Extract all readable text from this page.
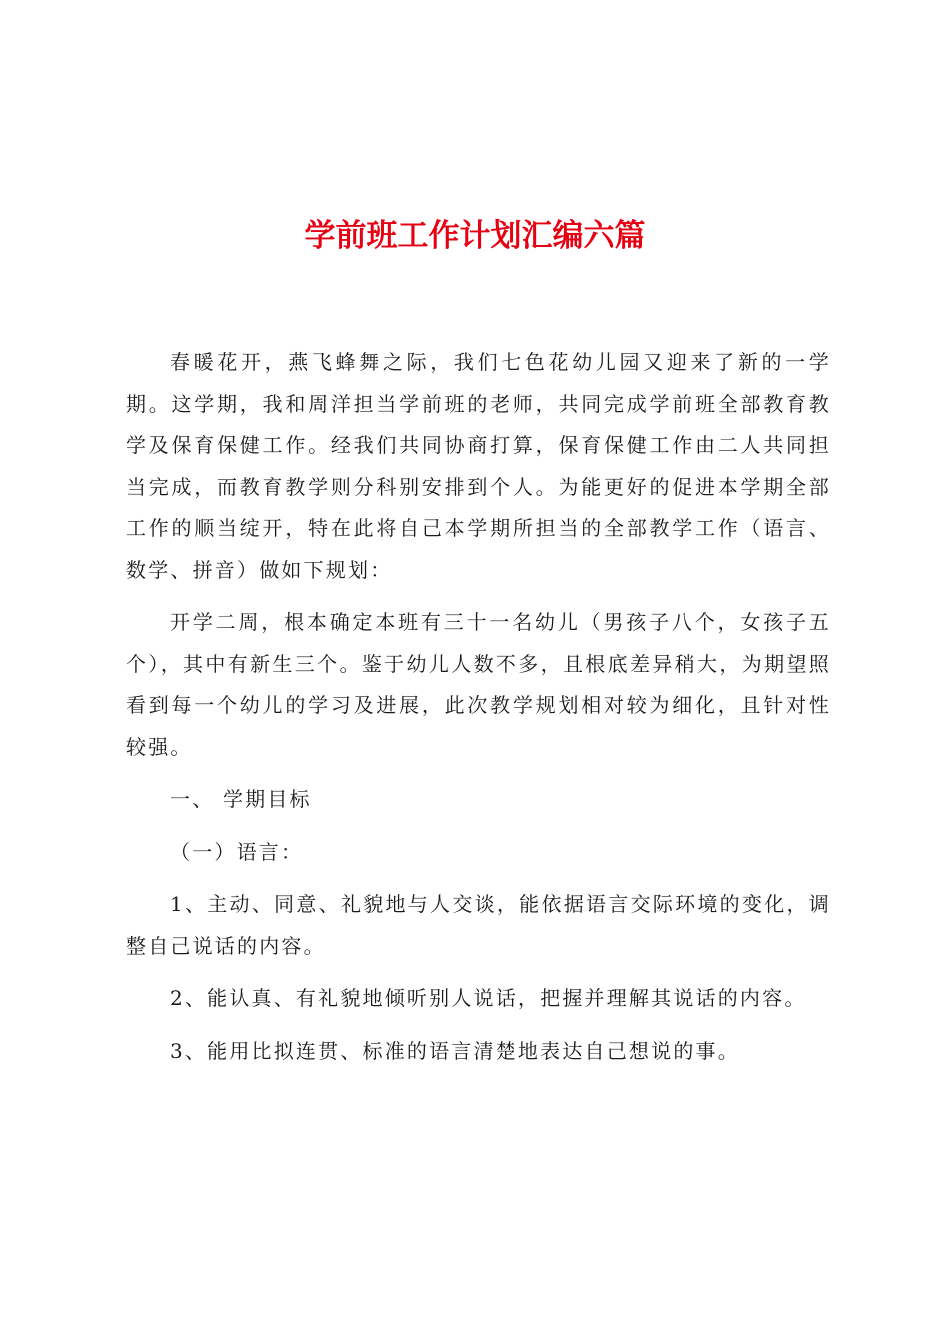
学前班工作计划汇编六篇

春暖花开，燕飞蜂舞之际，我们七色花幼儿园又迎来了新的一学期。这学期，我和周洋担当学前班的老师，共同完成学前班全部教育教学及保育保健工作。经我们共同协商打算，保育保健工作由二人共同担当完成，而教育教学则分科别安排到个人。为能更好的促进本学期全部工作的顺当绽开，特在此将自己本学期所担当的全部教学工作（语言、数学、拼音）做如下规划：

开学二周，根本确定本班有三十一名幼儿（男孩子八个，女孩子五个），其中有新生三个。鉴于幼儿人数不多，且根底差异稍大，为期望照看到每一个幼儿的学习及进展，此次教学规划相对较为细化，且针对性较强。

一、 学期目标

（一）语言：

1、主动、同意、礼貌地与人交谈，能依据语言交际环境的变化，调整自己说话的内容。

2、能认真、有礼貌地倾听别人说话，把握并理解其说话的内容。

3、能用比拟连贯、标准的语言清楚地表达自己想说的事。
